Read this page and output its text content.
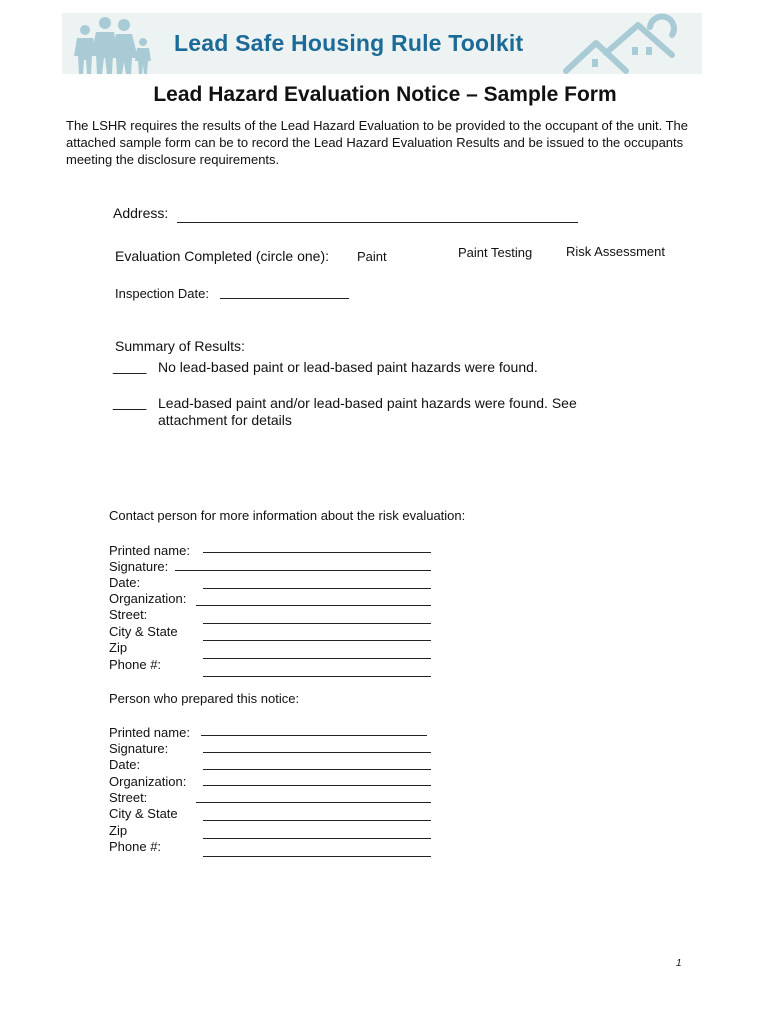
Lead Safe Housing Rule Toolkit
Lead Hazard Evaluation Notice – Sample Form
The LSHR requires the results of the Lead Hazard Evaluation to be provided to the occupant of the unit. The attached sample form can be to record the Lead Hazard Evaluation Results and be issued to the occupants meeting the disclosure requirements.
Address:
Evaluation Completed (circle one): Paint	Paint Testing	Risk Assessment
Inspection Date:
Summary of Results:
____ No lead-based paint or lead-based paint hazards were found.
____ Lead-based paint and/or lead-based paint hazards were found. See
attachment for details
Contact person for more information about the risk evaluation:
Printed name:
Signature:
Date:
Organization:
Street:
City & State
Zip
Phone #:
Person who prepared this notice:
Printed name:
Signature:
Date:
Organization:
Street:
City & State
Zip
Phone #:
1
